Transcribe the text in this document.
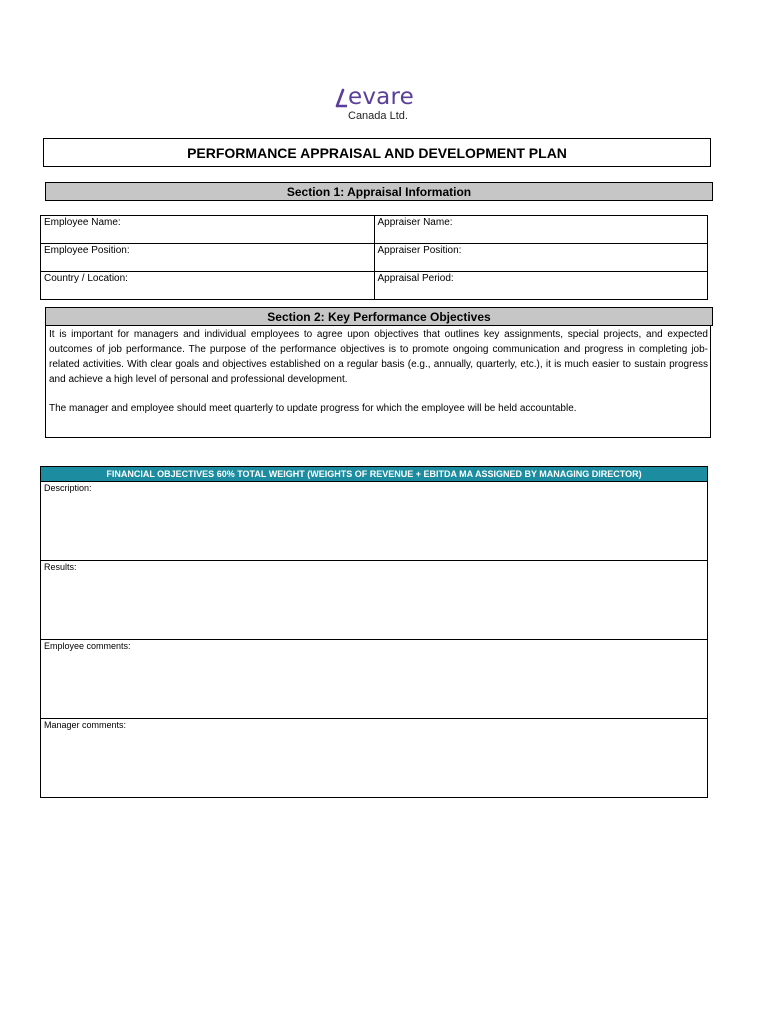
evare
Canada Ltd.
PERFORMANCE APPRAISAL AND DEVELOPMENT PLAN
Section 1: Appraisal Information
Employee Name:	Appraiser Name:
Employee Position:	Appraiser Position:
Country / Location:	Appraisal Period:
Section 2: Key Performance Objectives

It is important for managers and individual employees to agree upon objectives that outlines key assignments, special projects, and expected outcomes of job performance. The purpose of the performance objectives is to promote ongoing communication and progress in completing job-related activities. With clear goals and objectives established on a regular basis (e.g., annually, quarterly, etc.), it is much easier to sustain progress and achieve a high level of personal and professional development.

The manager and employee should meet quarterly to update progress for which the employee will be held accountable.

FINANCIAL OBJECTIVES 60% TOTAL WEIGHT (WEIGHTS OF REVENUE + EBITDA MA ASSIGNED BY MANAGING DIRECTOR)
Description:
Results:
Employee comments:
Manager comments:
